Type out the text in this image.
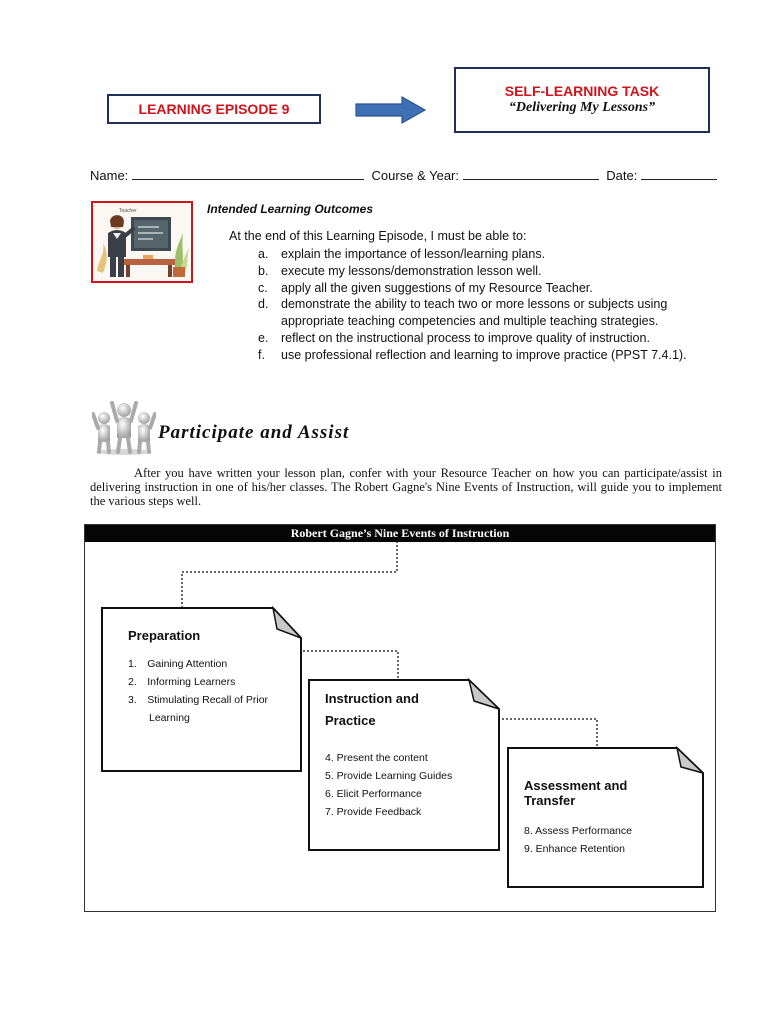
LEARNING EPISODE 9
SELF-LEARNING TASK
“Delivering My Lessons”
Name:	Course & Year:	Date:
Teacher	Intended Learning Outcomes
At the end of this Learning Episode, I must be able to:
a.	explain the importance of lesson/learning plans.
b.	execute my lessons/demonstration lesson well.
c.	apply all the given suggestions of my Resource Teacher.
d.	demonstrate the ability to teach two or more lessons or subjects using appropriate teaching competencies and multiple teaching strategies.
e.	reflect on the instructional process to improve quality of instruction.
f.	use professional reflection and learning to improve practice (PPST 7.4.1).
Participate and Assist

After you have written your lesson plan, confer with your Resource Teacher on how you can participate/assist in delivering instruction in one of his/her classes. The Robert Gagne's Nine Events of Instruction, will guide you to implement the various steps well.

Robert Gagne’s Nine Events of Instruction
Preparation
1. Gaining Attention
2. Informing Learners
3. Stimulating Recall of Prior
  Learning
Instruction and
Practice
4. Present the content
5. Provide Learning Guides
6. Elicit Performance
7. Provide Feedback
Assessment and
Transfer
8. Assess Performance
9. Enhance Retention
